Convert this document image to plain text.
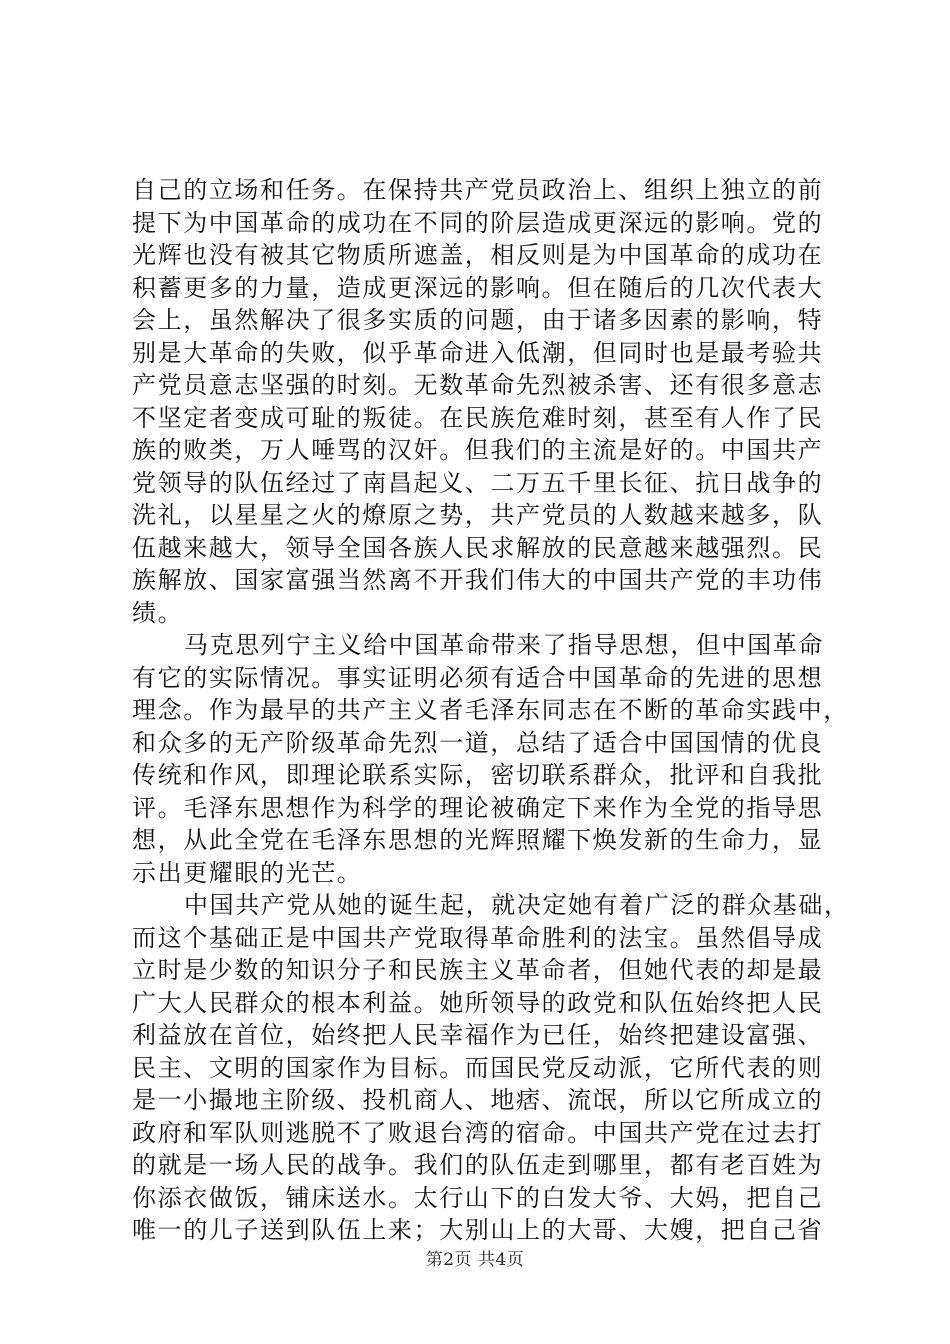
自己的立场和任务。在保持共产党员政治上、组织上独立的前
提下为中国革命的成功在不同的阶层造成更深远的影响。党的
光辉也没有被其它物质所遮盖，相反则是为中国革命的成功在
积蓄更多的力量，造成更深远的影响。但在随后的几次代表大
会上，虽然解决了很多实质的问题，由于诸多因素的影响，特
别是大革命的失败，似乎革命进入低潮，但同时也是最考验共
产党员意志坚强的时刻。无数革命先烈被杀害、还有很多意志
不坚定者变成可耻的叛徒。在民族危难时刻，甚至有人作了民
族的败类，万人唾骂的汉奸。但我们的主流是好的。中国共产
党领导的队伍经过了南昌起义、二万五千里长征、抗日战争的
洗礼，以星星之火的燎原之势，共产党员的人数越来越多，队
伍越来越大，领导全国各族人民求解放的民意越来越强烈。民
族解放、国家富强当然离不开我们伟大的中国共产党的丰功伟
绩。
马克思列宁主义给中国革命带来了指导思想，但中国革命
有它的实际情况。事实证明必须有适合中国革命的先进的思想
理念。作为最早的共产主义者毛泽东同志在不断的革命实践中，
和众多的无产阶级革命先烈一道，总结了适合中国国情的优良
传统和作风，即理论联系实际，密切联系群众，批评和自我批
评。毛泽东思想作为科学的理论被确定下来作为全党的指导思
想，从此全党在毛泽东思想的光辉照耀下焕发新的生命力，显
示出更耀眼的光芒。
中国共产党从她的诞生起，就决定她有着广泛的群众基础，
而这个基础正是中国共产党取得革命胜利的法宝。虽然倡导成
立时是少数的知识分子和民族主义革命者，但她代表的却是最
广大人民群众的根本利益。她所领导的政党和队伍始终把人民
利益放在首位，始终把人民幸福作为已任，始终把建设富强、
民主、文明的国家作为目标。而国民党反动派，它所代表的则
是一小撮地主阶级、投机商人、地痞、流氓，所以它所成立的
政府和军队则逃脱不了败退台湾的宿命。中国共产党在过去打
的就是一场人民的战争。我们的队伍走到哪里，都有老百姓为
你添衣做饭，铺床送水。太行山下的白发大爷、大妈，把自己
唯一的儿子送到队伍上来；大别山上的大哥、大嫂，把自己省
第2页 共4页
